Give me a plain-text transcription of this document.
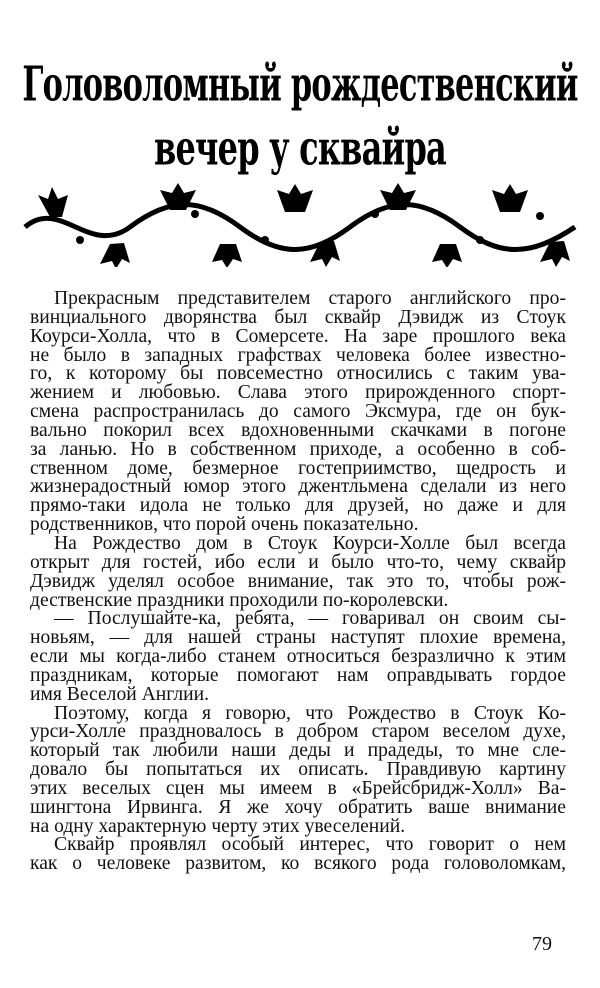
Головоломный рождественский
вечер у сквайра
Прекрасным представителем старого английского про-
винциального дворянства был сквайр Дэвидж из Стоук
Коурси-Холла, что в Сомерсете. На заре прошлого века
не было в западных графствах человека более известно-
го, к которому бы повсеместно относились с таким ува-
жением и любовью. Слава этого прирожденного спорт-
смена распространилась до самого Эксмура, где он бук-
вально покорил всех вдохновенными скачками в погоне
за ланью. Но в собственном приходе, а особенно в соб-
ственном доме, безмерное гостеприимство, щедрость и
жизнерадостный юмор этого джентльмена сделали из него
прямо-таки идола не только для друзей, но даже и для
родственников, что порой очень показательно.
На Рождество дом в Стоук Коурси-Холле был всегда
открыт для гостей, ибо если и было что-то, чему сквайр
Дэвидж уделял особое внимание, так это то, чтобы рож-
дественские праздники проходили по-королевски.
— Послушайте-ка, ребята, — говаривал он своим сы-
новьям, — для нашей страны наступят плохие времена,
если мы когда-либо станем относиться безразлично к этим
праздникам, которые помогают нам оправдывать гордое
имя Веселой Англии.
Поэтому, когда я говорю, что Рождество в Стоук Ко-
урси-Холле праздновалось в добром старом веселом духе,
который так любили наши деды и прадеды, то мне сле-
довало бы попытаться их описать. Правдивую картину
этих веселых сцен мы имеем в «Брейсбридж-Холл» Ва-
шингтона Ирвинга. Я же хочу обратить ваше внимание
на одну характерную черту этих увеселений.
Сквайр проявлял особый интерес, что говорит о нем
как о человеке развитом, ко всякого рода головоломкам,
79
